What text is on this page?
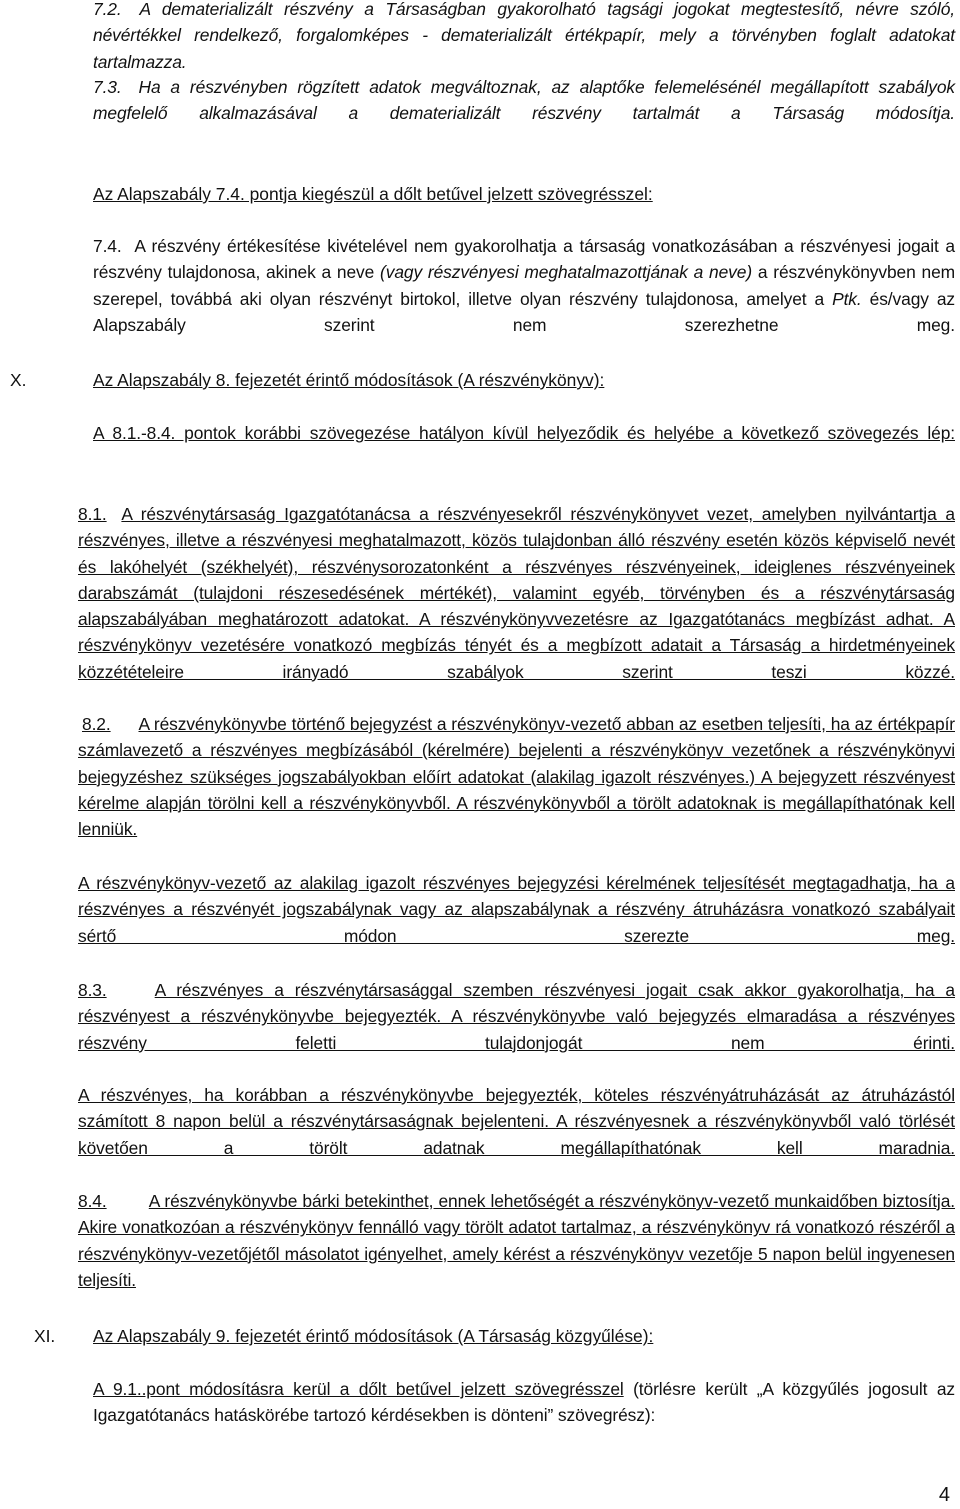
7.2. A dematerializált részvény a Társaságban gyakorolható tagsági jogokat megtestesítő, névre szóló, névértékkel rendelkező, forgalomképes - dematerializált értékpapír, mely a törvényben foglalt adatokat tartalmazza.
7.3. Ha a részvényben rögzített adatok megváltoznak, az alaptőke felemelésénél megállapított szabályok megfelelő alkalmazásával a dematerializált részvény tartalmát a Társaság módosítja.
Az Alapszabály 7.4. pontja kiegészül a dőlt betűvel jelzett szövegrésszel:
7.4. A részvény értékesítése kivételével nem gyakorolhatja a társaság vonatkozásában a részvényesi jogait a részvény tulajdonosa, akinek a neve (vagy részvényesi meghatalmazottjának a neve) a részvénykönyvben nem szerepel, továbbá aki olyan részvényt birtokol, illetve olyan részvény tulajdonosa, amelyet a Ptk. és/vagy az Alapszabály szerint nem szerezhetne meg.
X.	Az Alapszabály 8. fejezetét érintő módosítások (A részvénykönyv):
A 8.1.-8.4. pontok korábbi szövegezése hatályon kívül helyeződik és helyébe a következő szövegezés lép:
8.1. A részvénytársaság Igazgatótanácsa a részvényesekről részvénykönyvet vezet, amelyben nyilvántartja a részvényes, illetve a részvényesi meghatalmazott, közös tulajdonban álló részvény esetén közös képviselő nevét és lakóhelyét (székhelyét), részvénysorozatonként a részvényes részvényeinek, ideiglenes részvényeinek darabszámát (tulajdoni részesedésének mértékét), valamint egyéb, törvényben és a részvénytársaság alapszabályában meghatározott adatokat. A részvénykönyvvezetésre az Igazgatótanács megbízást adhat. A részvénykönyv vezetésére vonatkozó megbízás tényét és a megbízott adatait a Társaság a hirdetményeinek közzétételeire irányadó szabályok szerint teszi közzé.
8.2. A részvénykönyvbe történő bejegyzést a részvénykönyv-vezető abban az esetben teljesíti, ha az értékpapír számlavezető a részvényes megbízásából (kérelmére) bejelenti a részvénykönyv vezetőnek a részvénykönyvi bejegyzéshez szükséges jogszabályokban előírt adatokat (alakilag igazolt részvényes.) A bejegyzett részvényest kérelme alapján törölni kell a részvénykönyvből. A részvénykönyvből a törölt adatoknak is megállapíthatónak kell lenniük.
A részvénykönyv-vezető az alakilag igazolt részvényes bejegyzési kérelmének teljesítését megtagadhatja, ha a részvényes a részvényét jogszabálynak vagy az alapszabálynak a részvény átruházásra vonatkozó szabályait sértő módon szerezte meg.
8.3.	A részvényes a részvénytársasággal szemben részvényesi jogait csak akkor gyakorolhatja, ha a részvényest a részvénykönyvbe bejegyezték. A részvénykönyvbe való bejegyzés elmaradása a részvényes részvény feletti tulajdonjogát nem érinti.
A részvényes, ha korábban a részvénykönyvbe bejegyezték, köteles részvényátruházását az átruházástól számított 8 napon belül a részvénytársaságnak bejelenteni. A részvényesnek a részvénykönyvből való törlését követően a törölt adatnak megállapíthatónak kell maradnia.
8.4. A részvénykönyvbe bárki betekinthet, ennek lehetőségét a részvénykönyv-vezető munkaidőben biztosítja. Akire vonatkozóan a részvénykönyv fennálló vagy törölt adatot tartalmaz, a részvénykönyv rá vonatkozó részéről a részvénykönyv-vezetőjétől másolatot igényelhet, amely kérést a részvénykönyv vezetője 5 napon belül ingyenesen teljesíti.
XI. Az Alapszabály 9. fejezetét érintő módosítások (A Társaság közgyűlése):
A 9.1..pont módosításra kerül a dőlt betűvel jelzett szövegrésszel (törlésre került „A közgyűlés jogosult az Igazgatótanács hatáskörébe tartozó kérdésekben is dönteni” szövegrész):
4
